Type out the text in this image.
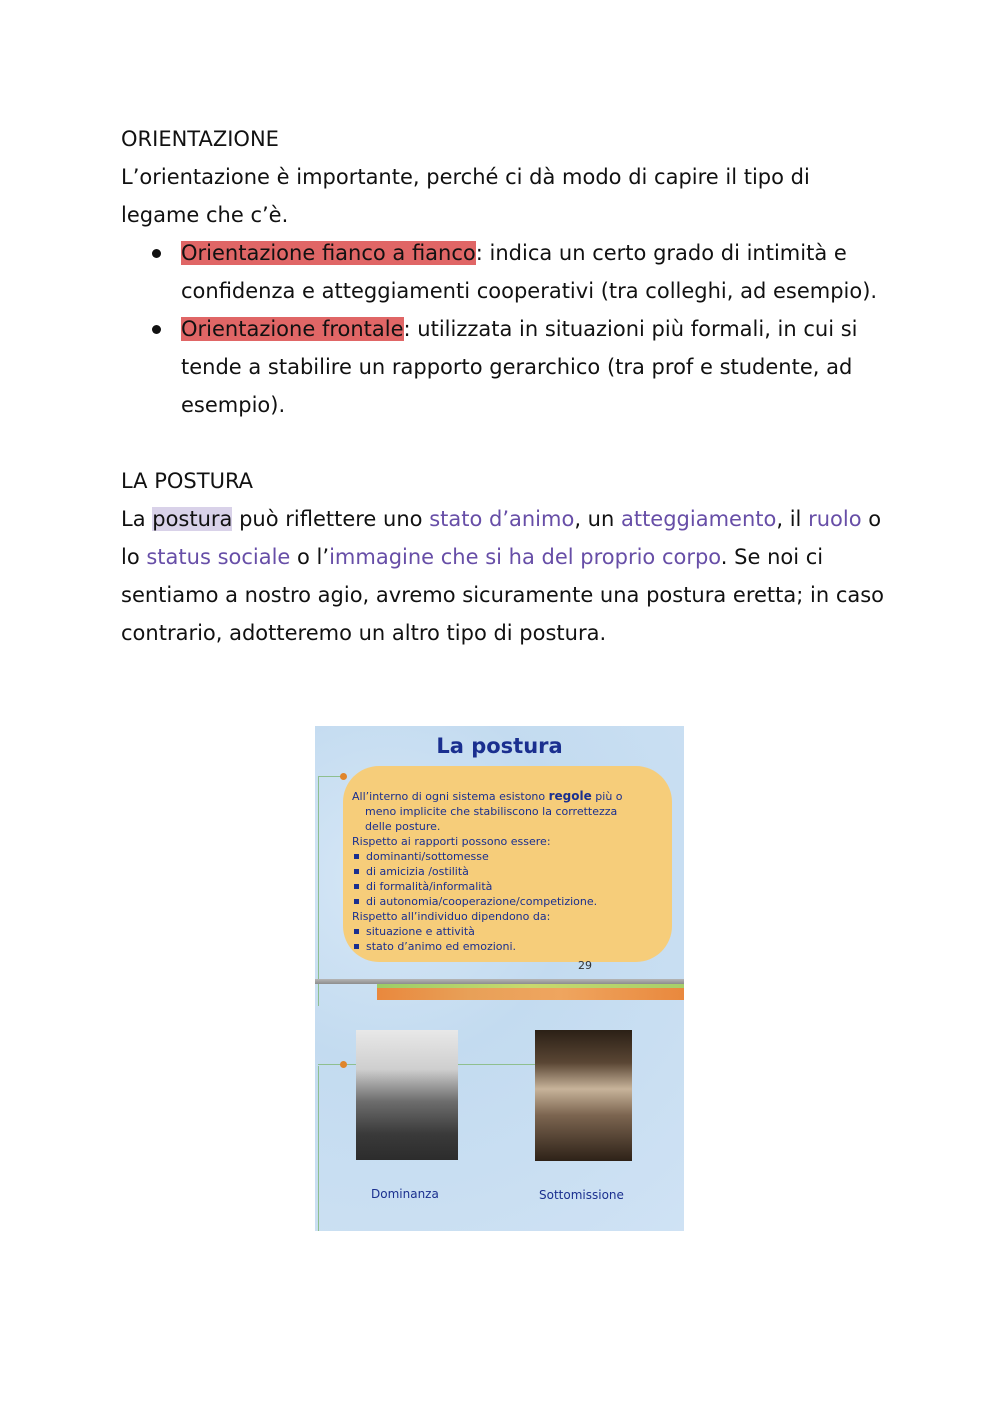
ORIENTAZIONE

L’orientazione è importante, perché ci dà modo di capire il tipo di legame che c’è.

Orientazione fianco a fianco: indica un certo grado di intimità e confidenza e atteggiamenti cooperativi (tra colleghi, ad esempio).
Orientazione frontale: utilizzata in situazioni più formali, in cui si tende a stabilire un rapporto gerarchico (tra prof e studente, ad esempio).

LA POSTURA

La postura può riflettere uno stato d’animo, un atteggiamento, il ruolo o lo status sociale o l’immagine che si ha del proprio corpo. Se noi ci sentiamo a nostro agio, avremo sicuramente una postura eretta; in caso contrario, adotteremo un altro tipo di postura.

La postura

All’interno di ogni sistema esistono regole più o

meno implicite che stabiliscono la correttezza

delle posture.

Rispetto ai rapporti possono essere:

dominanti/sottomesse

di amicizia /ostilità

di formalità/informalità

di autonomia/cooperazione/competizione.

Rispetto all’individuo dipendono da:

situazione e attività

stato d’animo ed emozioni.

29
Dominanza	Sottomissione
